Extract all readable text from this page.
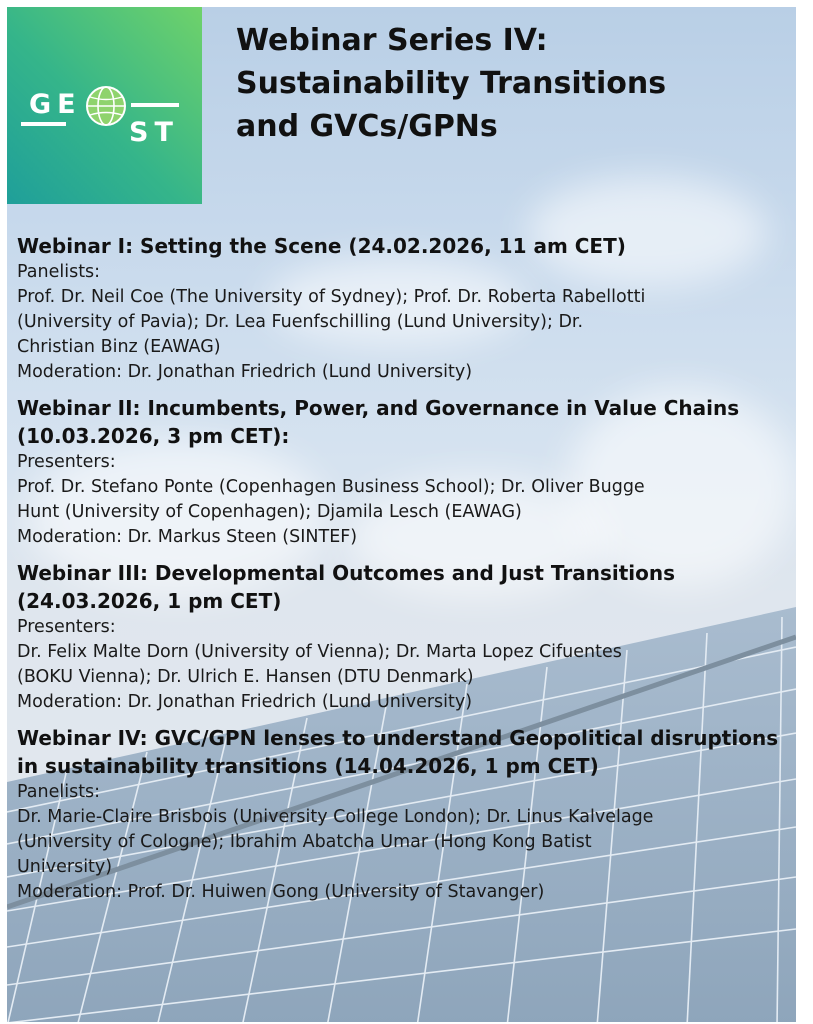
GE
ST
Webinar Series IV:
Sustainability Transitions
and GVCs/GPNs

Webinar I: Setting the Scene (24.02.2026, 11 am CET)

Panelists:

Prof. Dr. Neil Coe (The University of Sydney); Prof. Dr. Roberta Rabellotti

(University of Pavia); Dr. Lea Fuenfschilling (Lund University); Dr.

Christian Binz (EAWAG)

Moderation: Dr. Jonathan Friedrich (Lund University)

Webinar II: Incumbents, Power, and Governance in Value Chains (10.03.2026, 3 pm CET):

Presenters:

Prof. Dr. Stefano Ponte (Copenhagen Business School); Dr. Oliver Bugge

Hunt (University of Copenhagen); Djamila Lesch (EAWAG)

Moderation: Dr. Markus Steen (SINTEF)

Webinar III: Developmental Outcomes and Just Transitions (24.03.2026, 1 pm CET)

Presenters:

Dr. Felix Malte Dorn (University of Vienna); Dr. Marta Lopez Cifuentes

(BOKU Vienna); Dr. Ulrich E. Hansen (DTU Denmark)

Moderation: Dr. Jonathan Friedrich (Lund University)

Webinar IV: GVC/GPN lenses to understand Geopolitical disruptions in sustainability transitions (14.04.2026, 1 pm CET)

Panelists:

Dr. Marie-Claire Brisbois (University College London); Dr. Linus Kalvelage

(University of Cologne); Ibrahim Abatcha Umar (Hong Kong Batist

University)

Moderation: Prof. Dr. Huiwen Gong (University of Stavanger)
